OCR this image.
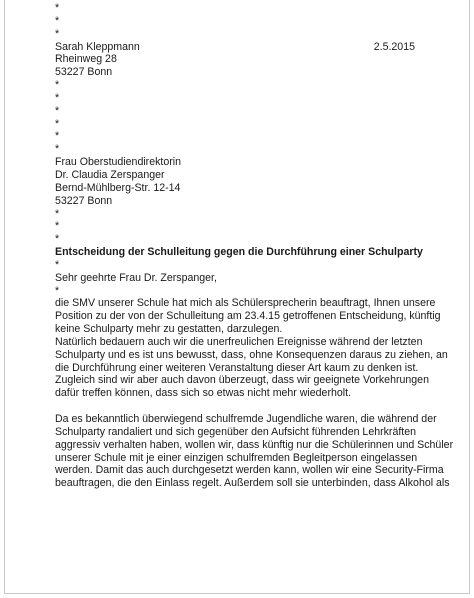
*
*
*
Sarah Kleppmann	2.5.2015
Rheinweg 28
53227 Bonn
*
*
*
*
*
*
Frau Oberstudiendirektorin
Dr. Claudia Zerspanger
Bernd-Mühlberg-Str. 12-14
53227 Bonn
*
*
*
Entscheidung der Schulleitung gegen die Durchführung einer Schulparty
*
Sehr geehrte Frau Dr. Zerspanger,
*
die SMV unserer Schule hat mich als Schülersprecherin beauftragt, Ihnen unsere
Position zu der von der Schulleitung am 23.4.15 getroffenen Entscheidung, künftig
keine Schulparty mehr zu gestatten, darzulegen.
Natürlich bedauern auch wir die unerfreulichen Ereignisse während der letzten
Schulparty und es ist uns bewusst, dass, ohne Konsequenzen daraus zu ziehen, an
die Durchführung einer weiteren Veranstaltung dieser Art kaum zu denken ist.
Zugleich sind wir aber auch davon überzeugt, dass wir geeignete Vorkehrungen
dafür treffen können, dass sich so etwas nicht mehr wiederholt.
Da es bekanntlich überwiegend schulfremde Jugendliche waren, die während der
Schulparty randaliert und sich gegenüber den Aufsicht führenden Lehrkräften
aggressiv verhalten haben, wollen wir, dass künftig nur die Schülerinnen und Schüler
unserer Schule mit je einer einzigen schulfremden Begleitperson eingelassen
werden. Damit das auch durchgesetzt werden kann, wollen wir eine Security-Firma
beauftragen, die den Einlass regelt. Außerdem soll sie unterbinden, dass Alkohol als
